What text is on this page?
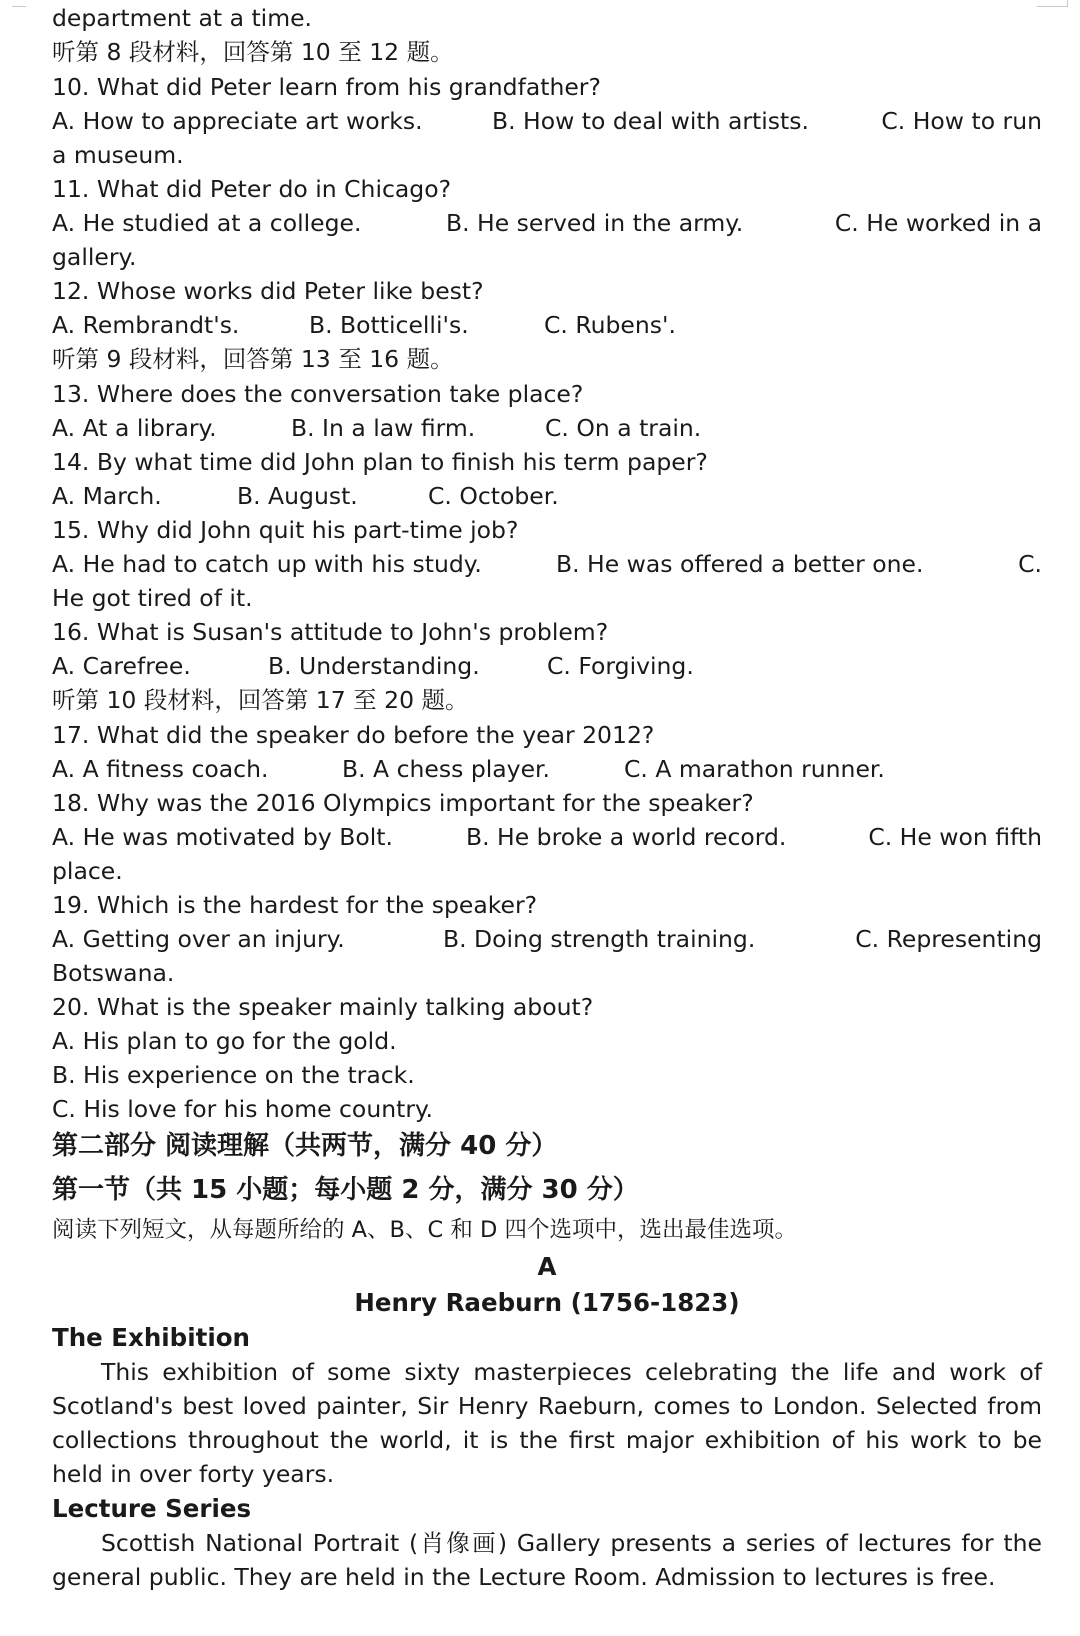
department at a time.
听第 8 段材料，回答第 10 至 12 题。
10. What did Peter learn from his grandfather?
A. How to appreciate art works.	B. How to deal with artists.	C. How to run
a museum.
11. What did Peter do in Chicago?
A. He studied at a college.	B. He served in the army.	C. He worked in a
gallery.
12. Whose works did Peter like best?
A. Rembrandt's.	B. Botticelli's.	C. Rubens'.
听第 9 段材料，回答第 13 至 16 题。
13. Where does the conversation take place?
A. At a library.	B. In a law firm.	C. On a train.
14. By what time did John plan to finish his term paper?
A. March.	B. August.	C. October.
15. Why did John quit his part-time job?
A. He had to catch up with his study.	B. He was offered a better one.	C.
He got tired of it.
16. What is Susan's attitude to John's problem?
A. Carefree.	B. Understanding.	C. Forgiving.
听第 10 段材料，回答第 17 至 20 题。
17. What did the speaker do before the year 2012?
A. A fitness coach.	B. A chess player.	C. A marathon runner.
18. Why was the 2016 Olympics important for the speaker?
A. He was motivated by Bolt.	B. He broke a world record.	C. He won fifth
place.
19. Which is the hardest for the speaker?
A. Getting over an injury.	B. Doing strength training.	C. Representing
Botswana.
20. What is the speaker mainly talking about?
A. His plan to go for the gold.
B. His experience on the track.
C. His love for his home country.
第二部分 阅读理解（共两节，满分 40 分）
第一节（共 15 小题；每小题 2 分，满分 30 分）
阅读下列短文，从每题所给的 A、B、C 和 D 四个选项中，选出最佳选项。
A
Henry Raeburn (1756-1823)
The Exhibition
This exhibition of some sixty masterpieces celebrating the life and work of
Scotland's best loved painter, Sir Henry Raeburn, comes to London. Selected from
collections throughout the world, it is the first major exhibition of his work to be
held in over forty years.
Lecture Series
Scottish National Portrait (肖像画) Gallery presents a series of lectures for the
general public. They are held in the Lecture Room. Admission to lectures is free.
